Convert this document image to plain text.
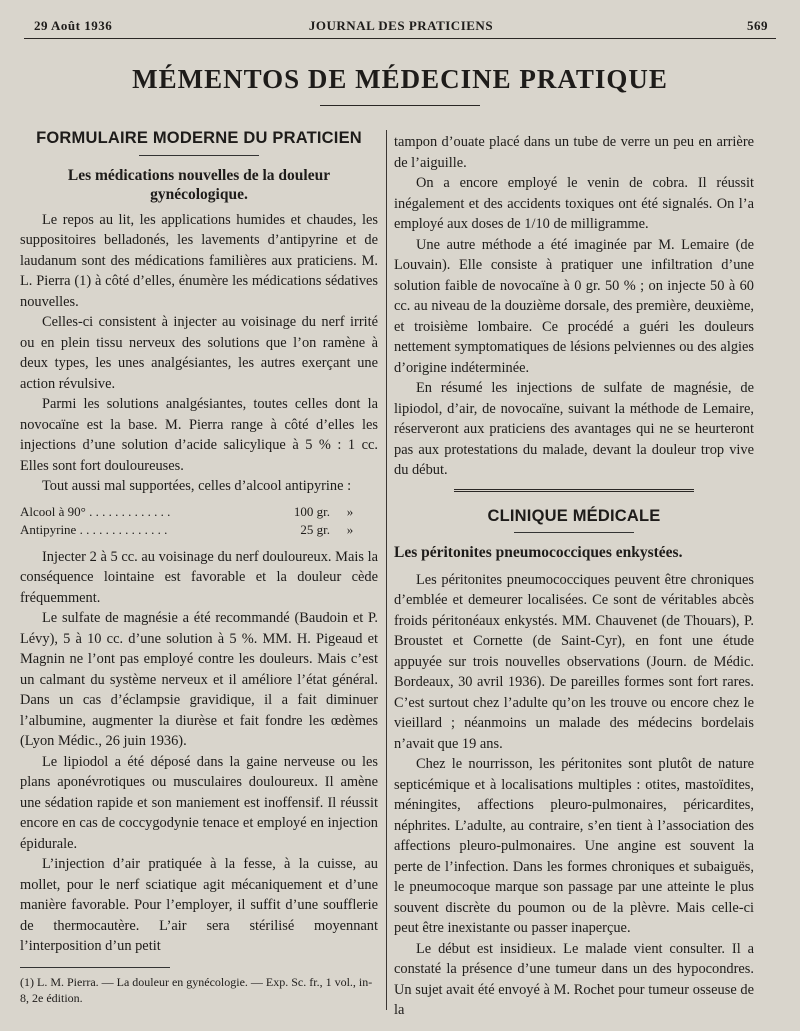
29 Août 1936	JOURNAL DES PRATICIENS	569
MÉMENTOS DE MÉDECINE PRATIQUE
FORMULAIRE MODERNE DU PRATICIEN
Les médications nouvelles de la douleur gynécologique.

Le repos au lit, les applications humides et chaudes, les suppositoires belladonés, les lavements d’antipyrine et de laudanum sont des médications familières aux praticiens. M. L. Pierra (1) à côté d’elles, énumère les médications sédatives nouvelles.

Celles-ci consistent à injecter au voisinage du nerf irrité ou en plein tissu nerveux des solutions que l’on ramène à deux types, les unes analgésiantes, les autres exerçant une action révulsive.

Parmi les solutions analgésiantes, toutes celles dont la novocaïne est la base. M. Pierra range à côté d’elles les injections d’une solution d’acide salicylique à 5 % : 1 cc. Elles sont fort douloureuses.

Tout aussi mal supportées, celles d’alcool antipyrine :

Alcool à 90° . . . . . . . . . . . . .	100 gr.	»
Antipyrine . . . . . . . . . . . . . .	25 gr.	»

Injecter 2 à 5 cc. au voisinage du nerf douloureux. Mais la conséquence lointaine est favorable et la douleur cède fréquemment.

Le sulfate de magnésie a été recommandé (Baudoin et P. Lévy), 5 à 10 cc. d’une solution à 5 %. MM. H. Pigeaud et Magnin ne l’ont pas employé contre les douleurs. Mais c’est un calmant du système nerveux et il améliore l’état général. Dans un cas d’éclampsie gravidique, il a fait diminuer l’albumine, augmenter la diurèse et fait fondre les œdèmes (Lyon Médic., 26 juin 1936).

Le lipiodol a été déposé dans la gaine nerveuse ou les plans aponévrotiques ou musculaires douloureux. Il amène une sédation rapide et son maniement est inoffensif. Il réussit encore en cas de coccygodynie tenace et employé en injection épidurale.

L’injection d’air pratiquée à la fesse, à la cuisse, au mollet, pour le nerf sciatique agit mécaniquement et d’une manière favorable. Pour l’employer, il suffit d’une soufflerie de thermocautère. L’air sera stérilisé moyennant l’interposition d’un petit

(1) L. M. Pierra. — La douleur en gynécologie. — Exp. Sc. fr., 1 vol., in-8, 2e édition.

tampon d’ouate placé dans un tube de verre un peu en arrière de l’aiguille.

On a encore employé le venin de cobra. Il réussit inégalement et des accidents toxiques ont été signalés. On l’a employé aux doses de 1/10 de milligramme.

Une autre méthode a été imaginée par M. Lemaire (de Louvain). Elle consiste à pratiquer une infiltration d’une solution faible de novocaïne à 0 gr. 50 % ; on injecte 50 à 60 cc. au niveau de la douzième dorsale, des première, deuxième, et troisième lombaire. Ce procédé a guéri les douleurs nettement symptomatiques de lésions pelviennes ou des algies d’origine indéterminée.

En résumé les injections de sulfate de magnésie, de lipiodol, d’air, de novocaïne, suivant la méthode de Lemaire, réserveront aux praticiens des avantages qui ne se heurteront pas aux protestations du malade, devant la douleur trop vive du début.

CLINIQUE MÉDICALE
Les péritonites pneumococciques enkystées.

Les péritonites pneumococciques peuvent être chroniques d’emblée et demeurer localisées. Ce sont de véritables abcès froids péritonéaux enkystés. MM. Chauvenet (de Thouars), P. Broustet et Cornette (de Saint-Cyr), en font une étude appuyée sur trois nouvelles observations (Journ. de Médic. Bordeaux, 30 avril 1936). De pareilles formes sont fort rares. C’est surtout chez l’adulte qu’on les trouve ou encore chez le vieillard ; néanmoins un malade des médecins bordelais n’avait que 19 ans.

Chez le nourrisson, les péritonites sont plutôt de nature septicémique et à localisations multiples : otites, mastoïdites, méningites, affections pleuro-pulmonaires, péricardites, néphrites. L’adulte, au contraire, s’en tient à l’association des affections pleuro-pulmonaires. Une angine est souvent la perte de l’infection. Dans les formes chroniques et subaiguës, le pneumocoque marque son passage par une atteinte le plus souvent discrète du poumon ou de la plèvre. Mais celle-ci peut être inexistante ou passer inaperçue.

Le début est insidieux. Le malade vient consulter. Il a constaté la présence d’une tumeur dans un des hypocondres. Un sujet avait été envoyé à M. Rochet pour tumeur osseuse de la
